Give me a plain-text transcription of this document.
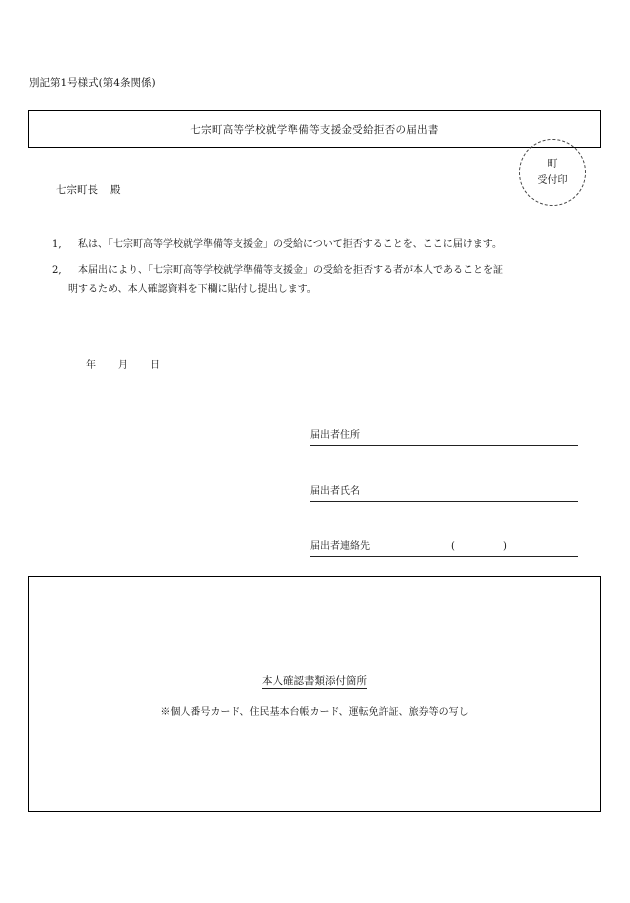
別記第1号様式(第4条関係)
七宗町高等学校就学準備等支援金受給拒否の届出書
町
受付印
七宗町長 殿
1, 私は、「七宗町高等学校就学準備等支援金」の受給について拒否することを、ここに届けます。
2, 本届出により、「七宗町高等学校就学準備等支援金」の受給を拒否する者が本人であることを証
明するため、本人確認資料を下欄に貼付し提出します。
年 月 日
届出者住所
届出者氏名
届出者連絡先	(	)
本人確認書類添付箇所
※個人番号カード、住民基本台帳カード、運転免許証、旅券等の写し
